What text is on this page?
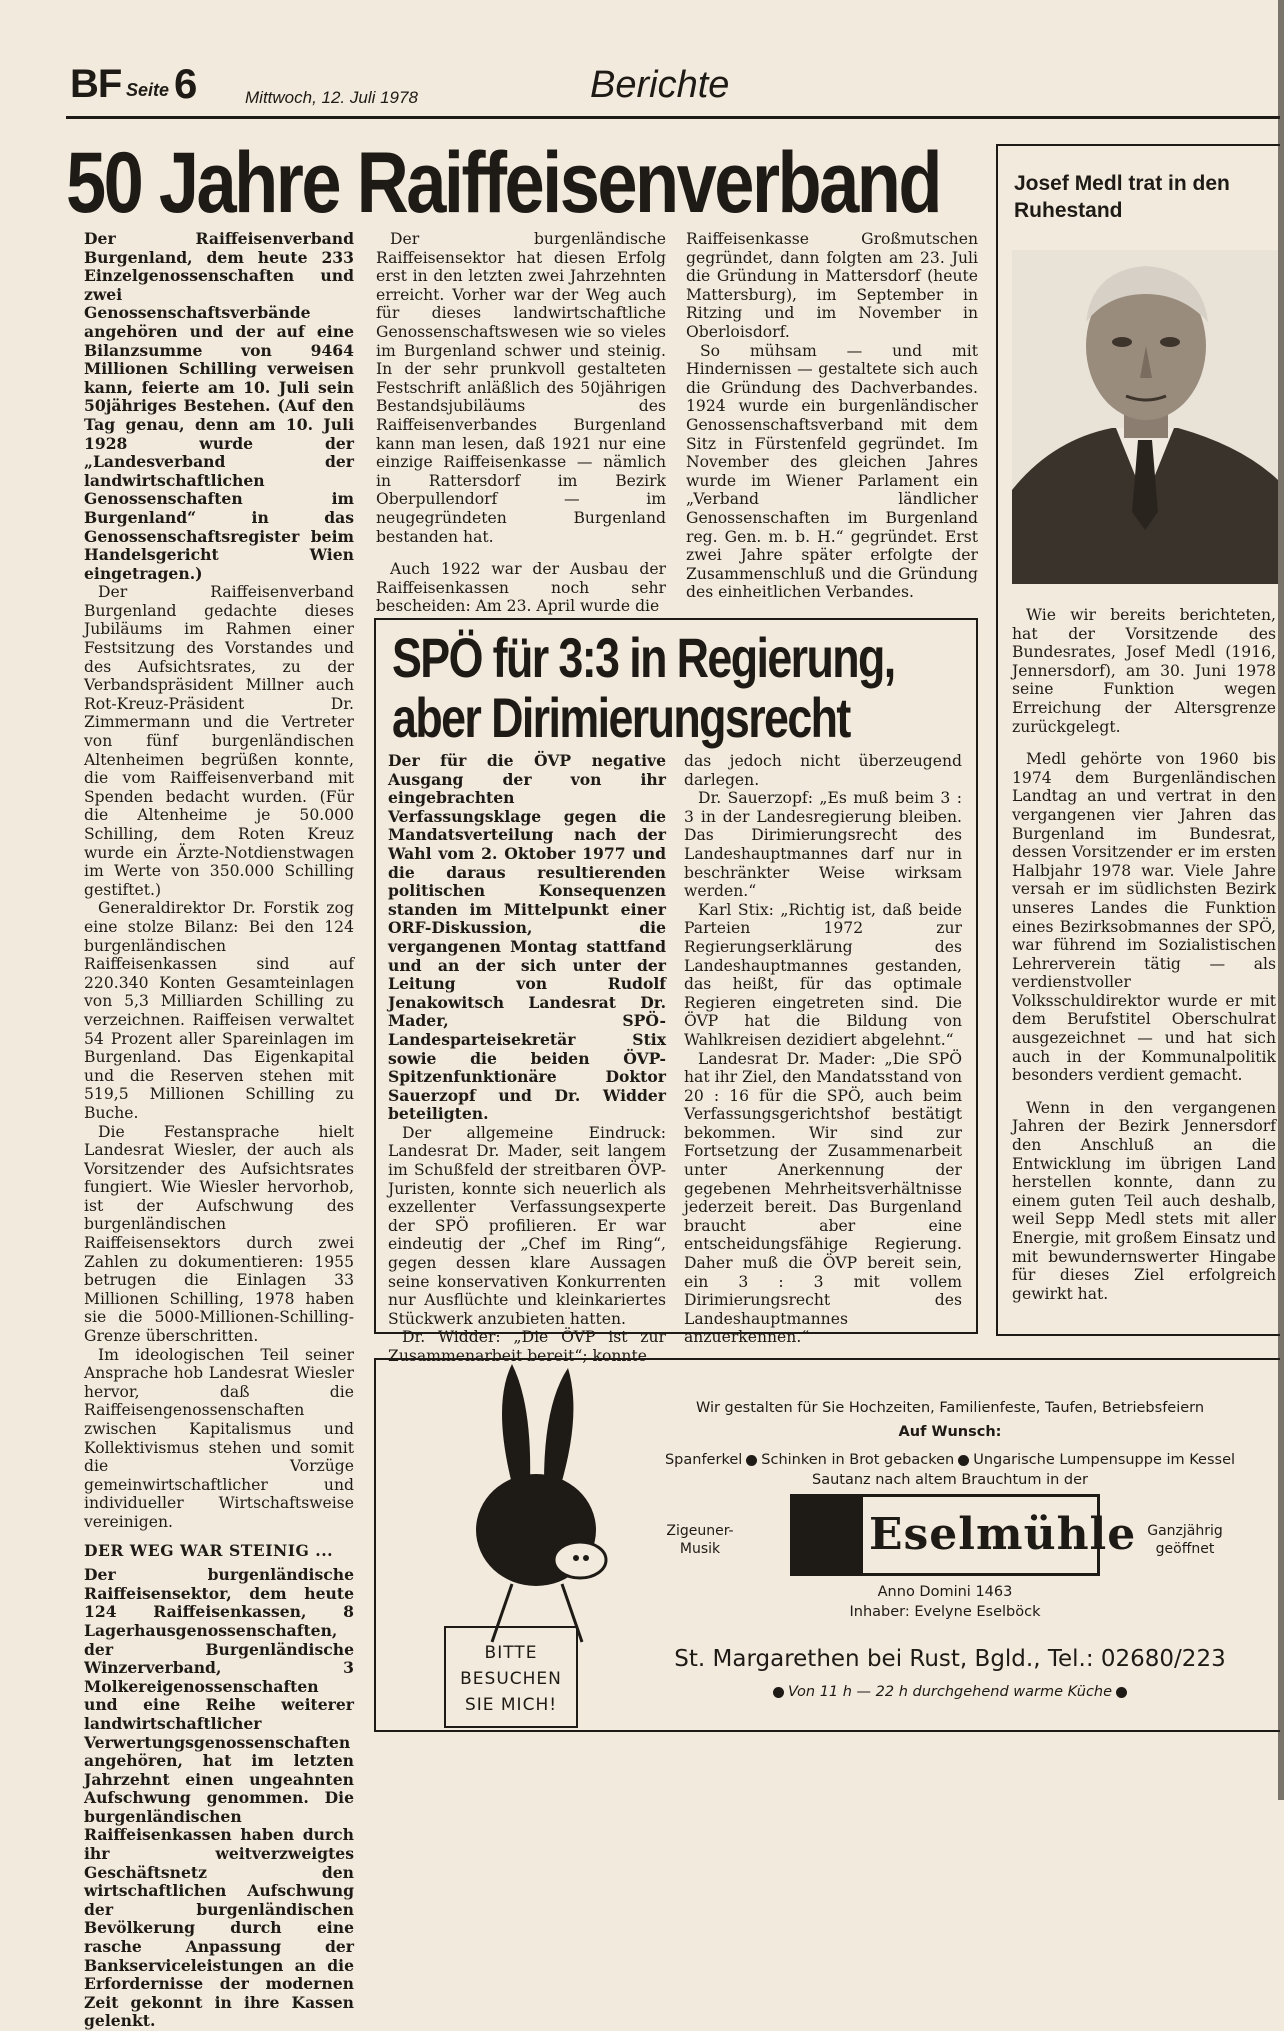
BF Seite 6	Mittwoch, 12. Juli 1978	Berichte
50 Jahre Raiffeisenverband

Der Raiffeisenverband Burgenland, dem heute 233 Einzelgenossenschaften und zwei Genossenschaftsverbände angehören und der auf eine Bilanzsumme von 9464 Millionen Schilling verweisen kann, feierte am 10. Juli sein 50jähriges Bestehen. (Auf den Tag genau, denn am 10. Juli 1928 wurde der „Landesverband der landwirtschaftlichen Genossenschaften im Burgenland“ in das Genossenschaftsregister beim Handelsgericht Wien eingetragen.)

Der Raiffeisenverband Burgenland gedachte dieses Jubiläums im Rahmen einer Festsitzung des Vorstandes und des Aufsichtsrates, zu der Verbandspräsident Millner auch Rot-Kreuz-Präsident Dr. Zimmermann und die Vertreter von fünf burgenländischen Altenheimen begrüßen konnte, die vom Raiffeisenverband mit Spenden bedacht wurden. (Für die Altenheime je 50.000 Schilling, dem Roten Kreuz wurde ein Ärzte-Notdienstwagen im Werte von 350.000 Schilling gestiftet.)

Generaldirektor Dr. Forstik zog eine stolze Bilanz: Bei den 124 burgenländischen Raiffeisenkassen sind auf 220.340 Konten Gesamteinlagen von 5,3 Milliarden Schilling zu verzeichnen. Raiffeisen verwaltet 54 Prozent aller Spareinlagen im Burgenland. Das Eigenkapital und die Reserven stehen mit 519,5 Millionen Schilling zu Buche.

Die Festansprache hielt Landesrat Wiesler, der auch als Vorsitzender des Aufsichtsrates fungiert. Wie Wiesler hervorhob, ist der Aufschwung des burgenländischen Raiffeisensektors durch zwei Zahlen zu dokumentieren: 1955 betrugen die Einlagen 33 Millionen Schilling, 1978 haben sie die 5000-Millionen-Schilling-Grenze überschritten.

Im ideologischen Teil seiner Ansprache hob Landesrat Wiesler hervor, daß die Raiffeisengenossenschaften zwischen Kapitalismus und Kollektivismus stehen und somit die Vorzüge gemeinwirtschaftlicher und individueller Wirtschaftsweise vereinigen.

DER WEG WAR STEINIG ...

Der burgenländische Raiffeisensektor, dem heute 124 Raiffeisenkassen, 8 Lagerhausgenossenschaften, der Burgenländische Winzerverband, 3 Molkereigenossenschaften und eine Reihe weiterer landwirtschaftlicher Verwertungsgenossenschaften angehören, hat im letzten Jahrzehnt einen ungeahnten Aufschwung genommen. Die burgenländischen Raiffeisenkassen haben durch ihr weitverzweigtes Geschäftsnetz den wirtschaftlichen Aufschwung der burgenländischen Bevölkerung durch eine rasche Anpassung der Bankserviceleistungen an die Erfordernisse der modernen Zeit gekonnt in ihre Kassen gelenkt.

Der burgenländische Raiffeisensektor hat diesen Erfolg erst in den letzten zwei Jahrzehnten erreicht. Vorher war der Weg auch für dieses landwirtschaftliche Genossenschaftswesen wie so vieles im Burgenland schwer und steinig. In der sehr prunkvoll gestalteten Festschrift anläßlich des 50jährigen Bestandsjubiläums des Raiffeisenverbandes Burgenland kann man lesen, daß 1921 nur eine einzige Raiffeisenkasse — nämlich in Rattersdorf im Bezirk Oberpullendorf — im neugegründeten Burgenland bestanden hat.

Auch 1922 war der Ausbau der Raiffeisenkassen noch sehr bescheiden: Am 23. April wurde die

Raiffeisenkasse Großmutschen gegründet, dann folgten am 23. Juli die Gründung in Mattersdorf (heute Mattersburg), im September in Ritzing und im November in Oberloisdorf.

So mühsam — und mit Hindernissen — gestaltete sich auch die Gründung des Dachverbandes. 1924 wurde ein burgenländischer Genossenschaftsverband mit dem Sitz in Fürstenfeld gegründet. Im November des gleichen Jahres wurde im Wiener Parlament ein „Verband ländlicher Genossenschaften im Burgenland reg. Gen. m. b. H.“ gegründet. Erst zwei Jahre später erfolgte der Zusammenschluß und die Gründung des einheitlichen Verbandes.

Josef Medl trat in den Ruhestand

Wie wir bereits berichteten, hat der Vorsitzende des Bundesrates, Josef Medl (1916, Jennersdorf), am 30. Juni 1978 seine Funktion wegen Erreichung der Altersgrenze zurückgelegt.

Medl gehörte von 1960 bis 1974 dem Burgenländischen Landtag an und vertrat in den vergangenen vier Jahren das Burgenland im Bundesrat, dessen Vorsitzender er im ersten Halbjahr 1978 war. Viele Jahre versah er im südlichsten Bezirk unseres Landes die Funktion eines Bezirksobmannes der SPÖ, war führend im Sozialistischen Lehrerverein tätig — als verdienstvoller Volksschuldirektor wurde er mit dem Berufstitel Oberschulrat ausgezeichnet — und hat sich auch in der Kommunalpolitik besonders verdient gemacht.

Wenn in den vergangenen Jahren der Bezirk Jennersdorf den Anschluß an die Entwicklung im übrigen Land herstellen konnte, dann zu einem guten Teil auch deshalb, weil Sepp Medl stets mit aller Energie, mit großem Einsatz und mit bewundernswerter Hingabe für dieses Ziel erfolgreich gewirkt hat.

SPÖ für 3:3 in Regierung,
aber Dirimierungsrecht

Der für die ÖVP negative Ausgang der von ihr eingebrachten Verfassungsklage gegen die Mandatsverteilung nach der Wahl vom 2. Oktober 1977 und die daraus resultierenden politischen Konsequenzen standen im Mittelpunkt einer ORF-Diskussion, die vergangenen Montag stattfand und an der sich unter der Leitung von Rudolf Jenakowitsch Landesrat Dr. Mader, SPÖ-Landesparteisekretär Stix sowie die beiden ÖVP-Spitzenfunktionäre Doktor Sauerzopf und Dr. Widder beteiligten.

Der allgemeine Eindruck: Landesrat Dr. Mader, seit langem im Schußfeld der streitbaren ÖVP-Juristen, konnte sich neuerlich als exzellenter Verfassungsexperte der SPÖ profilieren. Er war eindeutig der „Chef im Ring“, gegen dessen klare Aussagen seine konservativen Konkurrenten nur Ausflüchte und kleinkariertes Stückwerk anzubieten hatten.

Dr. Widder: „Die ÖVP ist zur Zusammenarbeit bereit“; konnte

das jedoch nicht überzeugend darlegen.

Dr. Sauerzopf: „Es muß beim 3 : 3 in der Landesregierung bleiben. Das Dirimierungsrecht des Landeshauptmannes darf nur in beschränkter Weise wirksam werden.“

Karl Stix: „Richtig ist, daß beide Parteien 1972 zur Regierungserklärung des Landeshauptmannes gestanden, das heißt, für das optimale Regieren eingetreten sind. Die ÖVP hat die Bildung von Wahlkreisen dezidiert abgelehnt.“

Landesrat Dr. Mader: „Die SPÖ hat ihr Ziel, den Mandatsstand von 20 : 16 für die SPÖ, auch beim Verfassungsgerichtshof bestätigt bekommen. Wir sind zur Fortsetzung der Zusammenarbeit unter Anerkennung der gegebenen Mehrheitsverhältnisse jederzeit bereit. Das Burgenland braucht aber eine entscheidungsfähige Regierung. Daher muß die ÖVP bereit sein, ein 3 : 3 mit vollem Dirimierungsrecht des Landeshauptmannes anzuerkennen.“

BITTE
BESUCHEN
SIE MICH!
Wir gestalten für Sie Hochzeiten, Familienfeste, Taufen, Betriebsfeiern
Auf Wunsch:
Spanferkel Schinken in Brot gebacken Ungarische Lumpensuppe im Kessel
Sautanz nach altem Brauchtum in der
Zigeuner-
Musik
Ganzjährig
geöffnet
Eselmühle
Anno Domini 1463
Inhaber: Evelyne Eselböck
St. Margarethen bei Rust, Bgld., Tel.: 02680/223
Von 11 h — 22 h durchgehend warme Küche
